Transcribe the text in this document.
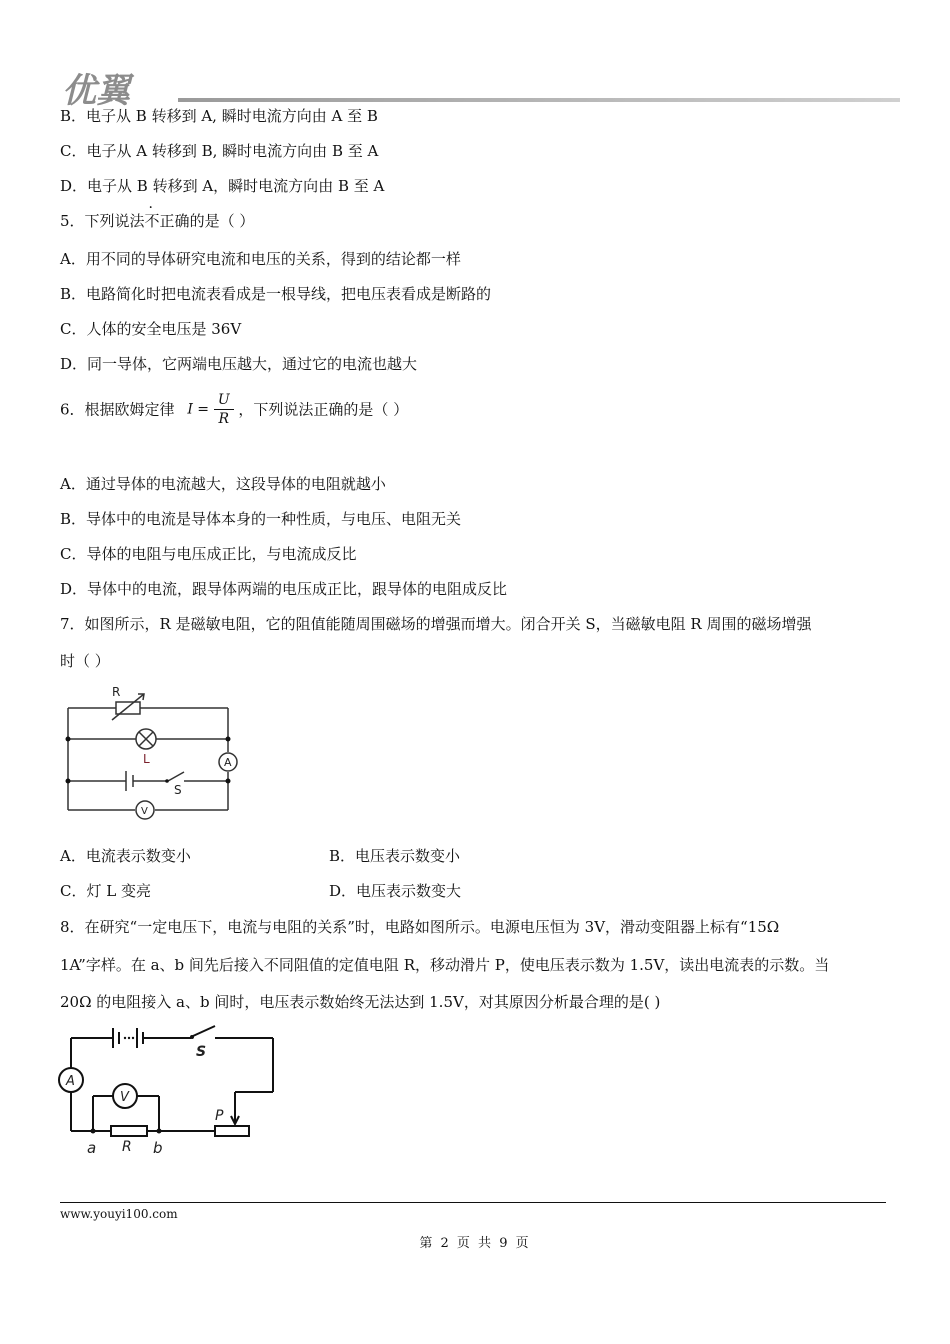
优翼
B．电子从 B 转移到 A, 瞬时电流方向由 A 至 B
C．电子从 A 转移到 B, 瞬时电流方向由 B 至 A
D．电子从 B 转移到 A，瞬时电流方向由 B 至 A
5．下列说法不正确的是（ ）
A．用不同的导体研究电流和电压的关系，得到的结论都一样
B．电路简化时把电流表看成是一根导线，把电压表看成是断路的
C．人体的安全电压是 36V
D．同一导体，它两端电压越大，通过它的电流也越大
6．根据欧姆定律 $I = \frac{U}{R}$ ，下列说法正确的是（ ）
A．通过导体的电流越大，这段导体的电阻就越小
B．导体中的电流是导体本身的一种性质，与电压、电阻无关
C．导体的电阻与电压成正比，与电流成反比
D．导体中的电流，跟导体两端的电压成正比，跟导体的电阻成反比
7．如图所示，R 是磁敏电阻，它的阻值能随周围磁场的增强而增大。闭合开关 S，当磁敏电阻 R 周围的磁场增强
时（ ）
R
L
S
A
V
A．电流表示数变小	B．电压表示数变小
C．灯 L 变亮	D．电压表示数变大
8．在研究“一定电压下，电流与电阻的关系”时，电路如图所示。电源电压恒为 3V，滑动变阻器上标有“15Ω
1A”字样。在 a、b 间先后接入不同阻值的定值电阻 R，移动滑片 P，使电压表示数为 1.5V，读出电流表的示数。当
20Ω 的电阻接入 a、b 间时，电压表示数始终无法达到 1.5V，对其原因分析最合理的是( )
S
A
V
P
a R b
www.youyi100.com
第 2 页 共 9 页
